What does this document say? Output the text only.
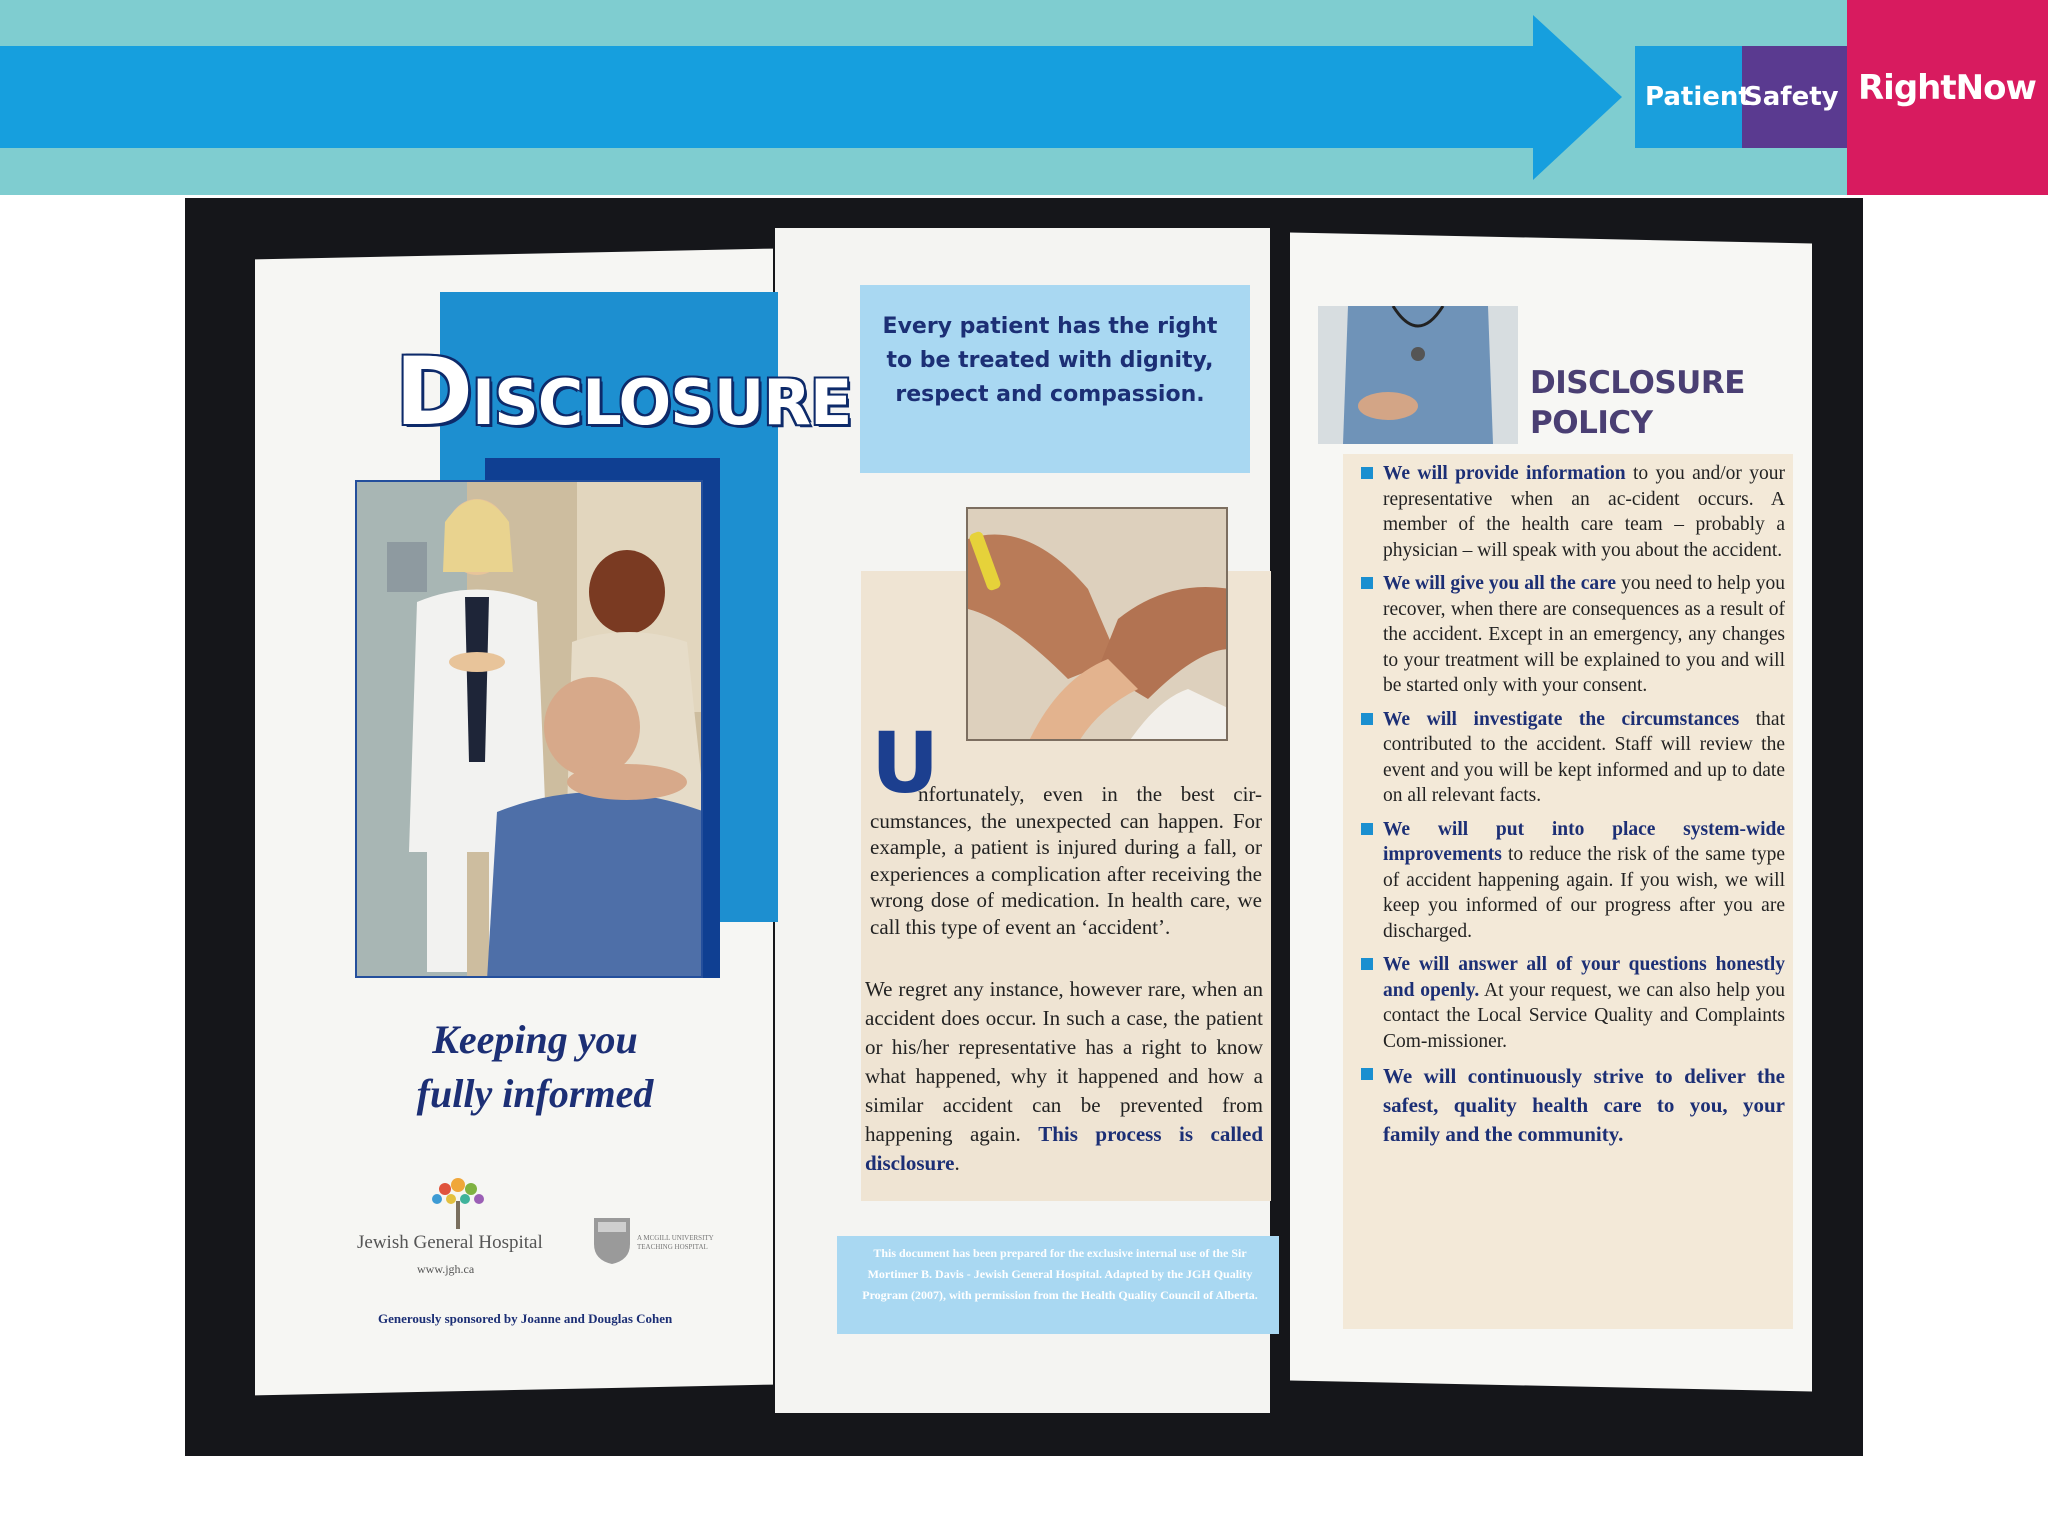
Patient
Safety RightNow
DISCLOSURE
Keeping you
fully informed
Jewish General Hospital
www.jgh.ca
A MCGILL UNIVERSITY TEACHING HOSPITAL
Generously sponsored by Joanne and Douglas Cohen
Every patient has the right to be treated with dignity, respect and compassion.
U
nfortunately, even in the best cir- cumstances, the unexpected can happen. For example, a patient is injured during a fall, or experiences a complication after receiving the wrong dose of medication. In health care, we call this type of event an ‘accident’.
We regret any instance, however rare, when an accident does occur. In such a case, the patient or his/her representative has a right to know what happened, why it happened and how a similar accident can be prevented from happening again. This process is called disclosure.
This document has been prepared for the exclusive internal use of the Sir Mortimer B. Davis - Jewish General Hospital. Adapted by the JGH Quality Program (2007), with permission from the Health Quality Council of Alberta.
DISCLOSURE
POLICY
We will provide information to you and/or your representative when an ac-cident occurs. A member of the health care team – probably a physician – will speak with you about the accident.
We will give you all the care you need to help you recover, when there are consequences as a result of the accident. Except in an emergency, any changes to your treatment will be explained to you and will be started only with your consent.
We will investigate the circumstances that contributed to the accident. Staff will review the event and you will be kept informed and up to date on all relevant facts.
We will put into place system-wide improvements to reduce the risk of the same type of accident happening again. If you wish, we will keep you informed of our progress after you are discharged.
We will answer all of your questions honestly and openly. At your request, we can also help you contact the Local Service Quality and Complaints Com-missioner.
We will continuously strive to deliver the safest, quality health care to you, your family and the community.
